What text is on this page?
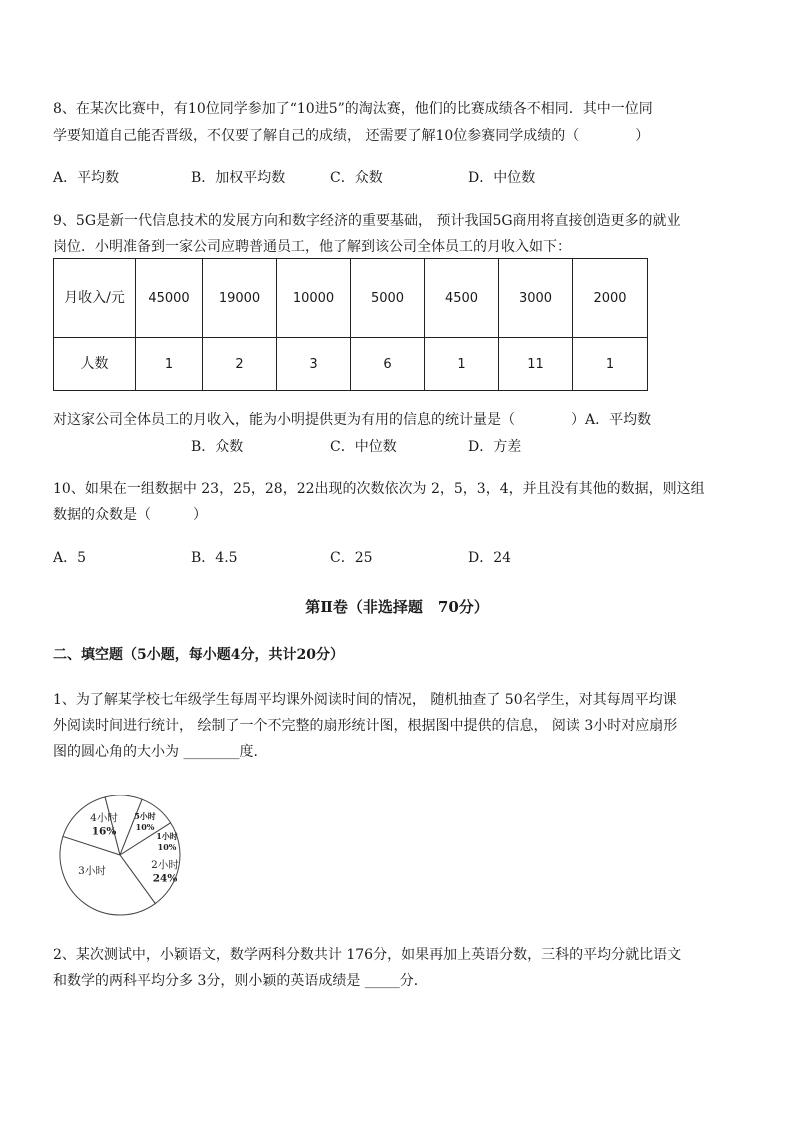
8、在某次比赛中，有10位同学参加了“10进5”的淘汰赛，他们的比赛成绩各不相同．其中一位同
学要知道自己能否晋级，不仅要了解自己的成绩， 还需要了解10位参赛同学成绩的（　　　　）
A．平均数	B．加权平均数	C．众数	D．中位数
9、5G是新一代信息技术的发展方向和数字经济的重要基础， 预计我国5G商用将直接创造更多的就业
岗位．小明准备到一家公司应聘普通员工，他了解到该公司全体员工的月收入如下：
月收入/元	45000	19000	10000	5000	4500	3000	2000
人数	1	2	3	6	1	11	1
对这家公司全体员工的月收入，能为小明提供更为有用的信息的统计量是（　　　　）A．平均数
B．众数	C．中位数	D．方差
10、如果在一组数据中 23，25，28，22出现的次数依次为 2，5，3，4，并且没有其他的数据，则这组
数据的众数是（　　　）
A．5	B．4.5	C．25	D．24
第Ⅱ卷（非选择题　70分）
二、填空题（5小题，每小题4分，共计20分）
1、为了解某学校七年级学生每周平均课外阅读时间的情况， 随机抽查了 50名学生，对其每周平均课
外阅读时间进行统计， 绘制了一个不完整的扇形统计图，根据图中提供的信息， 阅读 3小时对应扇形
图的圆心角的大小为 ________度．
4小时
16%
5小时
10%
1小时
10%
2小时
24%
3小时
2、某次测试中，小颖语文，数学两科分数共计 176分，如果再加上英语分数，三科的平均分就比语文
和数学的两科平均分多 3分，则小颖的英语成绩是 _____分．
